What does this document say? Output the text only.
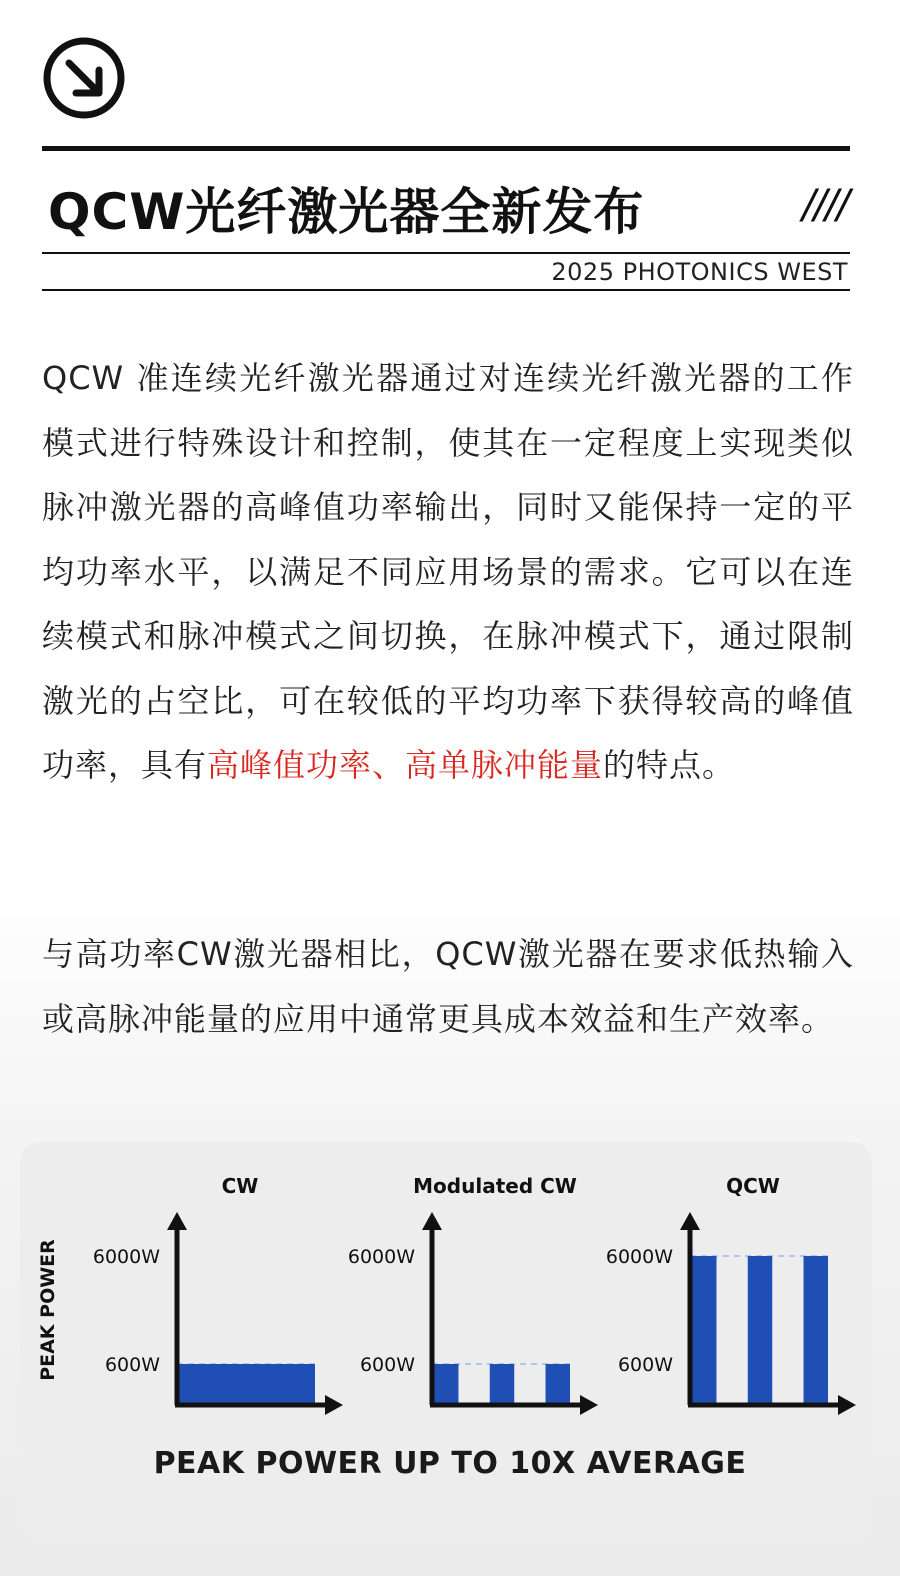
QCW光纤激光器全新发布	////
2025 PHOTONICS WEST
QCW 准连续光纤激光器通过对连续光纤激光器的工作模式进行特殊设计和控制，使其在一定程度上实现类似脉冲激光器的高峰值功率输出，同时又能保持一定的平均功率水平，以满足不同应用场景的需求。它可以在连续模式和脉冲模式之间切换，在脉冲模式下，通过限制激光的占空比，可在较低的平均功率下获得较高的峰值功率，具有高峰值功率、高单脉冲能量的特点。
与高功率CW激光器相比，QCW激光器在要求低热输入或高脉冲能量的应用中通常更具成本效益和生产效率。
PEAK POWER
CW
6000W
600W
Modulated CW
6000W
600W
QCW
6000W
600W
PEAK POWER UP TO 10X AVERAGE
